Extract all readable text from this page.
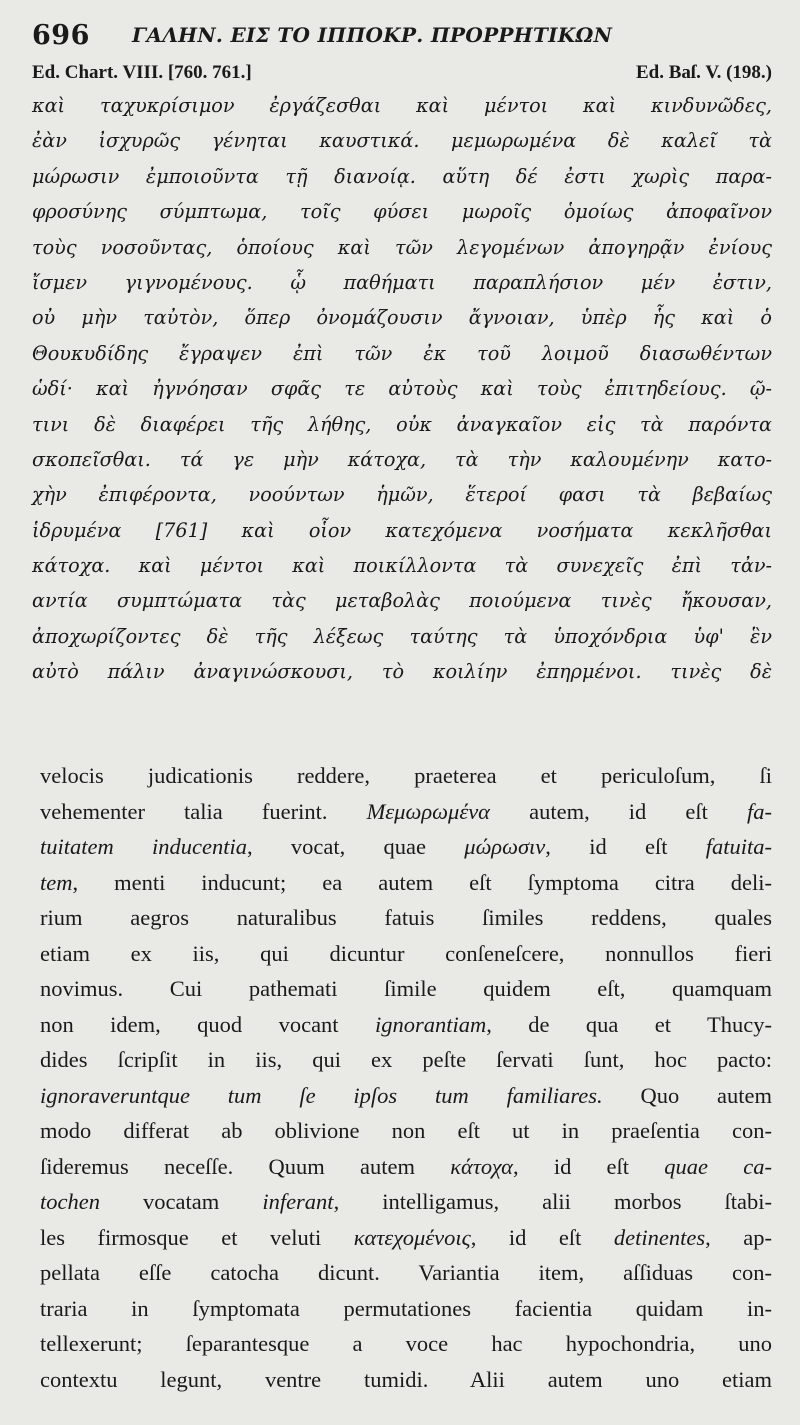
696 ΓΑΛΗΝ. ΕΙΣ ΤΟ ΙΠΠΟΚΡ. ΠΡΟΡΡΗΤΙΚΩΝ
Ed. Chart. VIII. [760. 761.]	Ed. Baſ. V. (198.)
καὶ ταχυκρίσιμον ἐργάζεσθαι καὶ μέντοι καὶ κινδυνῶδες,
ἐὰν ἰσχυρῶς γένηται καυστικά. μεμωρωμένα δὲ καλεῖ τὰ
μώρωσιν ἐμποιοῦντα τῇ διανοίᾳ. αὕτη δέ ἐστι χωρὶς παρα-
φροσύνης σύμπτωμα, τοῖς φύσει μωροῖς ὁμοίως ἀποφαῖνον
τοὺς νοσοῦντας, ὁποίους καὶ τῶν λεγομένων ἀπογηρᾷν ἐνίους
ἴσμεν γιγνομένους. ᾧ παθήματι παραπλήσιον μέν ἐστιν,
οὐ μὴν ταὐτὸν, ὅπερ ὀνομάζουσιν ἄγνοιαν, ὑπὲρ ἧς καὶ ὁ
Θουκυδίδης ἔγραψεν ἐπὶ τῶν ἐκ τοῦ λοιμοῦ διασωθέντων
ὡδί· καὶ ἠγνόησαν σφᾶς τε αὐτοὺς καὶ τοὺς ἐπιτηδείους. ῷ-
τινι δὲ διαφέρει τῆς λήθης, οὐκ ἀναγκαῖον εἰς τὰ παρόντα
σκοπεῖσθαι. τά γε μὴν κάτοχα, τὰ τὴν καλουμένην κατο-
χὴν ἐπιφέροντα, νοούντων ἡμῶν, ἕτεροί φασι τὰ βεβαίως
ἱδρυμένα [761] καὶ οἷον κατεχόμενα νοσήματα κεκλῆσθαι
κάτοχα. καὶ μέντοι καὶ ποικίλλοντα τὰ συνεχεῖς ἐπὶ τἀν-
αντία συμπτώματα τὰς μεταβολὰς ποιούμενα τινὲς ἤκουσαν,
ἀποχωρίζοντες δὲ τῆς λέξεως ταύτης τὰ ὑποχόνδρια ὑφ' ἓν
αὐτὸ πάλιν ἀναγινώσκουσι, τὸ κοιλίην ἐπηρμένοι. τινὲς δὲ
velocis judicationis reddere, praeterea et periculoſum, ſi
vehementer talia fuerint. Μεμωρωμένα autem, id eſt fa-
tuitatem inducentia, vocat, quae μώρωσιν, id eſt fatuita-
tem, menti inducunt; ea autem eſt ſymptoma citra deli-
rium aegros naturalibus fatuis ſimiles reddens, quales
etiam ex iis, qui dicuntur conſeneſcere, nonnullos fieri
novimus. Cui pathemati ſimile quidem eſt, quamquam
non idem, quod vocant ignorantiam, de qua et Thucy-
dides ſcripſit in iis, qui ex peſte ſervati ſunt, hoc pacto:
ignoraveruntque tum ſe ipſos tum familiares. Quo autem
modo differat ab oblivione non eſt ut in praeſentia con-
ſideremus neceſſe. Quum autem κάτοχα, id eſt quae ca-
tochen vocatam inferant, intelligamus, alii morbos ſtabi-
les firmosque et veluti κατεχομένοις, id eſt detinentes, ap-
pellata eſſe catocha dicunt. Variantia item, aſſiduas con-
traria in ſymptomata permutationes facientia quidam in-
tellexerunt; ſeparantesque a voce hac hypochondria, uno
contextu legunt, ventre tumidi. Alii autem uno etiam
